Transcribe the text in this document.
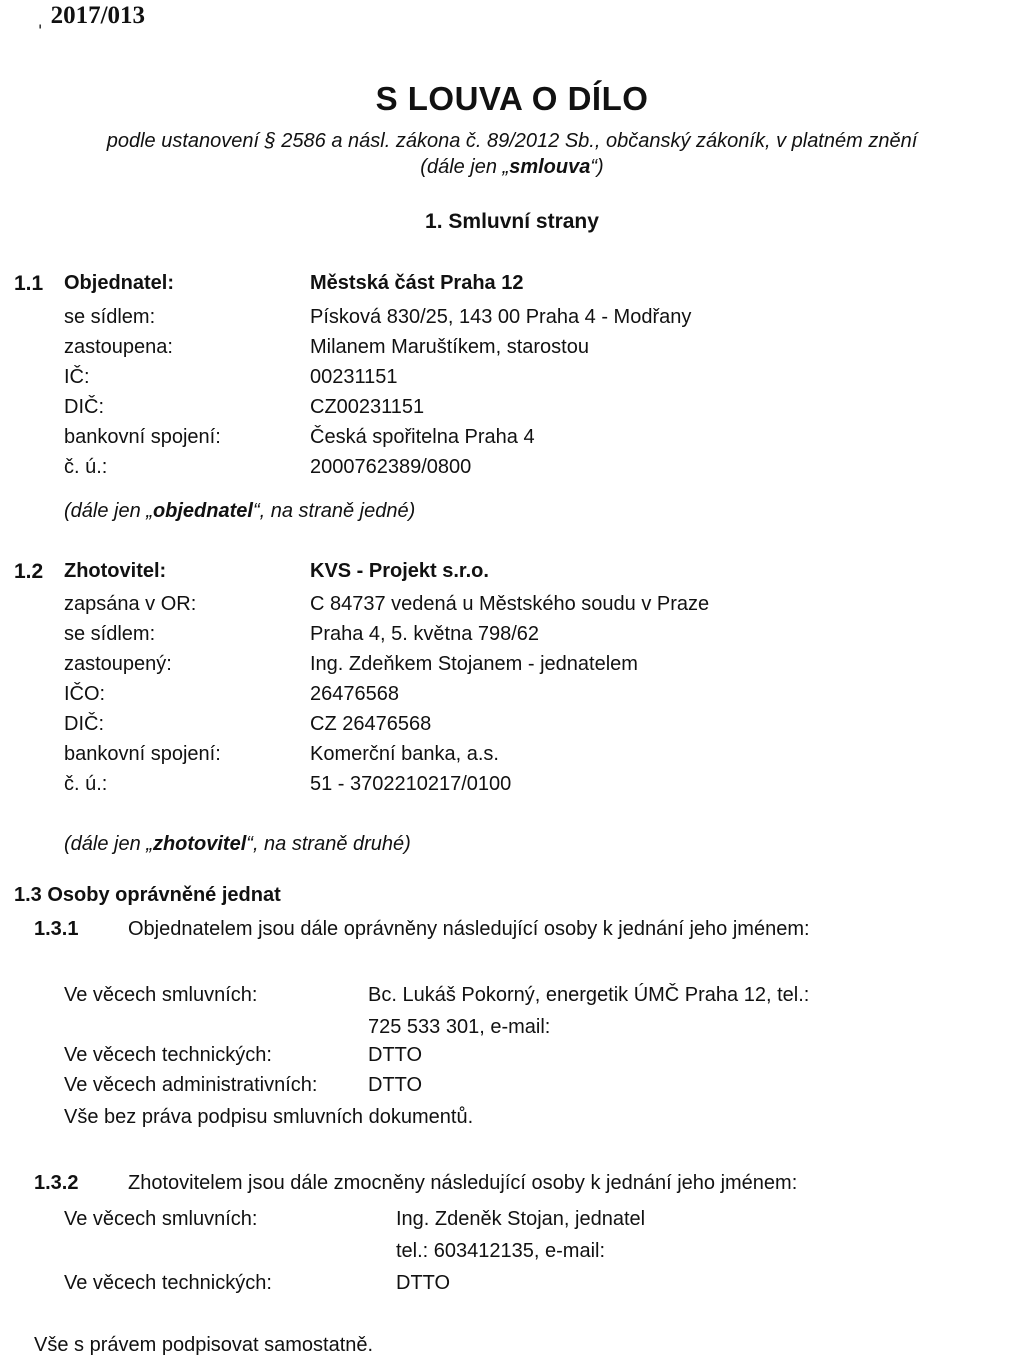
ˌ 2017/013
S LOUVA O DÍLO
podle ustanovení § 2586 a násl. zákona č. 89/2012 Sb., občanský zákoník, v platném znění
(dále jen „smlouva“)
1. Smluvní strany
1.1 Objednatel:	Městská část Praha 12
se sídlem:	Písková 830/25, 143 00 Praha 4 - Modřany
zastoupena:	Milanem Maruštíkem, starostou
IČ:	00231151
DIČ:	CZ00231151
bankovní spojení:	Česká spořitelna Praha 4
č. ú.:	2000762389/0800
(dále jen „objednatel“, na straně jedné)
1.2 Zhotovitel:	KVS - Projekt s.r.o.
zapsána v OR:	C 84737 vedená u Městského soudu v Praze
se sídlem:	Praha 4, 5. května 798/62
zastoupený:	Ing. Zdeňkem Stojanem - jednatelem
IČO:	26476568
DIČ:	CZ 26476568
bankovní spojení:	Komerční banka, a.s.
č. ú.:	51 - 3702210217/0100
(dále jen „zhotovitel“, na straně druhé)
1.3 Osoby oprávněné jednat
1.3.1 Objednatelem jsou dále oprávněny následující osoby k jednání jeho jménem:
Ve věcech smluvních:	Bc. Lukáš Pokorný, energetik ÚMČ Praha 12, tel.:
725 533 301, e-mail:
Ve věcech technických:	DTTO
Ve věcech administrativních:	DTTO
Vše bez práva podpisu smluvních dokumentů.
1.3.2 Zhotovitelem jsou dále zmocněny následující osoby k jednání jeho jménem:
Ve věcech smluvních:	Ing. Zdeněk Stojan, jednatel
tel.: 603412135, e-mail:
Ve věcech technických:	DTTO
Vše s právem podpisovat samostatně.
